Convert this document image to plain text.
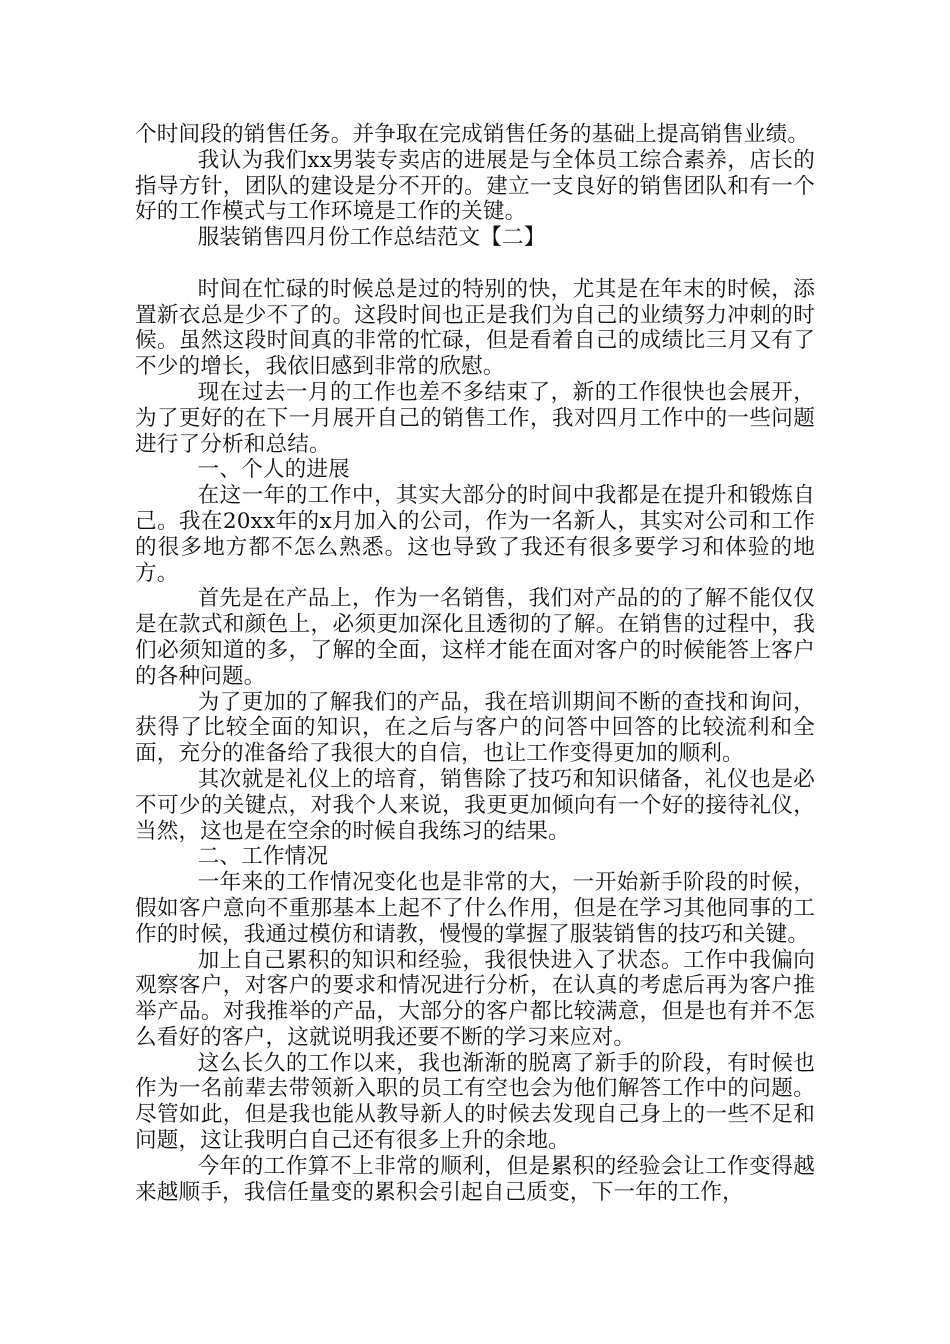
个时间段的销售任务。并争取在完成销售任务的基础上提高销售业绩。

我认为我们xx男装专卖店的进展是与全体员工综合素养，店长的指导方针，团队的建设是分不开的。建立一支良好的销售团队和有一个好的工作模式与工作环境是工作的关键。

服装销售四月份工作总结范文【二】

时间在忙碌的时候总是过的特别的快，尤其是在年末的时候，添置新衣总是少不了的。这段时间也正是我们为自己的业绩努力冲刺的时候。虽然这段时间真的非常的忙碌，但是看着自己的成绩比三月又有了不少的增长，我依旧感到非常的欣慰。

现在过去一月的工作也差不多结束了，新的工作很快也会展开，为了更好的在下一月展开自己的销售工作，我对四月工作中的一些问题进行了分析和总结。

一、个人的进展

在这一年的工作中，其实大部分的时间中我都是在提升和锻炼自己。我在20xx年的x月加入的公司，作为一名新人，其实对公司和工作的很多地方都不怎么熟悉。这也导致了我还有很多要学习和体验的地方。

首先是在产品上，作为一名销售，我们对产品的的了解不能仅仅是在款式和颜色上，必须更加深化且透彻的了解。在销售的过程中，我们必须知道的多，了解的全面，这样才能在面对客户的时候能答上客户的各种问题。

为了更加的了解我们的产品，我在培训期间不断的查找和询问，获得了比较全面的知识，在之后与客户的问答中回答的比较流利和全面，充分的准备给了我很大的自信，也让工作变得更加的顺利。

其次就是礼仪上的培育，销售除了技巧和知识储备，礼仪也是必不可少的关键点，对我个人来说，我更更加倾向有一个好的接待礼仪，当然，这也是在空余的时候自我练习的结果。

二、工作情况

一年来的工作情况变化也是非常的大，一开始新手阶段的时候，假如客户意向不重那基本上起不了什么作用，但是在学习其他同事的工作的时候，我通过模仿和请教，慢慢的掌握了服装销售的技巧和关键。

加上自己累积的知识和经验，我很快进入了状态。工作中我偏向观察客户，对客户的要求和情况进行分析，在认真的考虑后再为客户推举产品。对我推举的产品，大部分的客户都比较满意，但是也有并不怎么看好的客户，这就说明我还要不断的学习来应对。

这么长久的工作以来，我也渐渐的脱离了新手的阶段，有时候也作为一名前辈去带领新入职的员工有空也会为他们解答工作中的问题。尽管如此，但是我也能从教导新人的时候去发现自己身上的一些不足和问题，这让我明白自己还有很多上升的余地。

今年的工作算不上非常的顺利，但是累积的经验会让工作变得越来越顺手，我信任量变的累积会引起自己质变，下一年的工作，
